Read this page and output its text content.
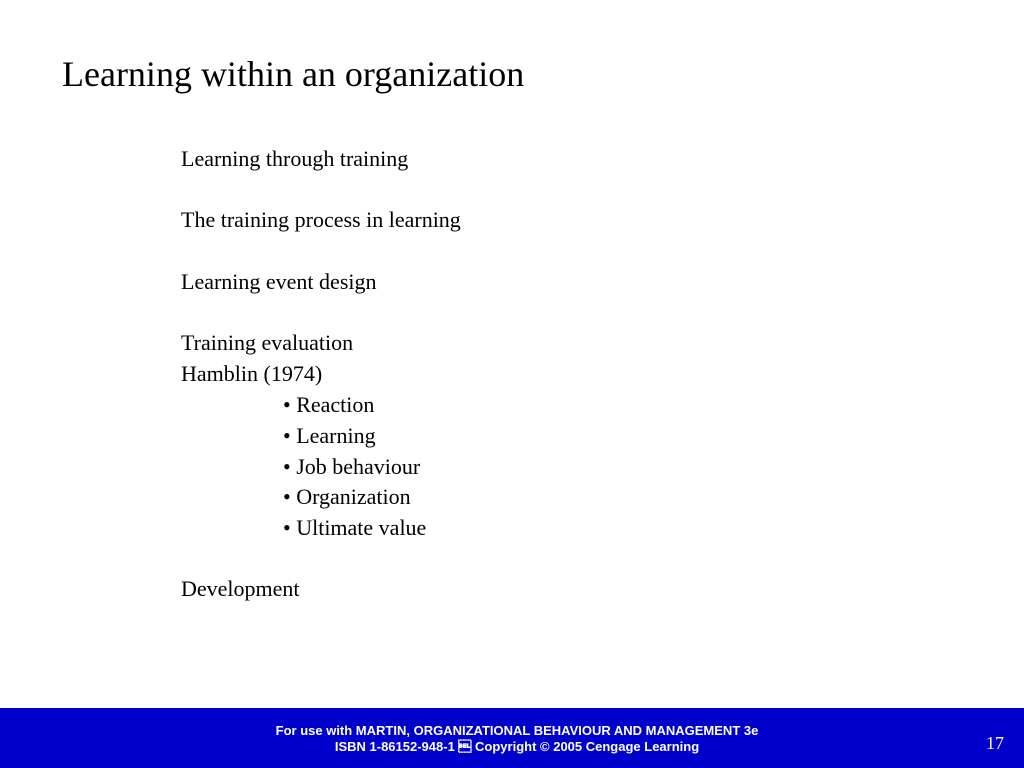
Learning within an organization
Learning through training
The training process in learning
Learning event design
Training evaluation
Hamblin (1974)
• Reaction
• Learning
• Job behaviour
• Organization
• Ultimate value
Development
For use with MARTIN, ORGANIZATIONAL BEHAVIOUR AND MANAGEMENT 3e
ISBN 1-86152-948-1  Copyright © 2005 Cengage Learning	17
